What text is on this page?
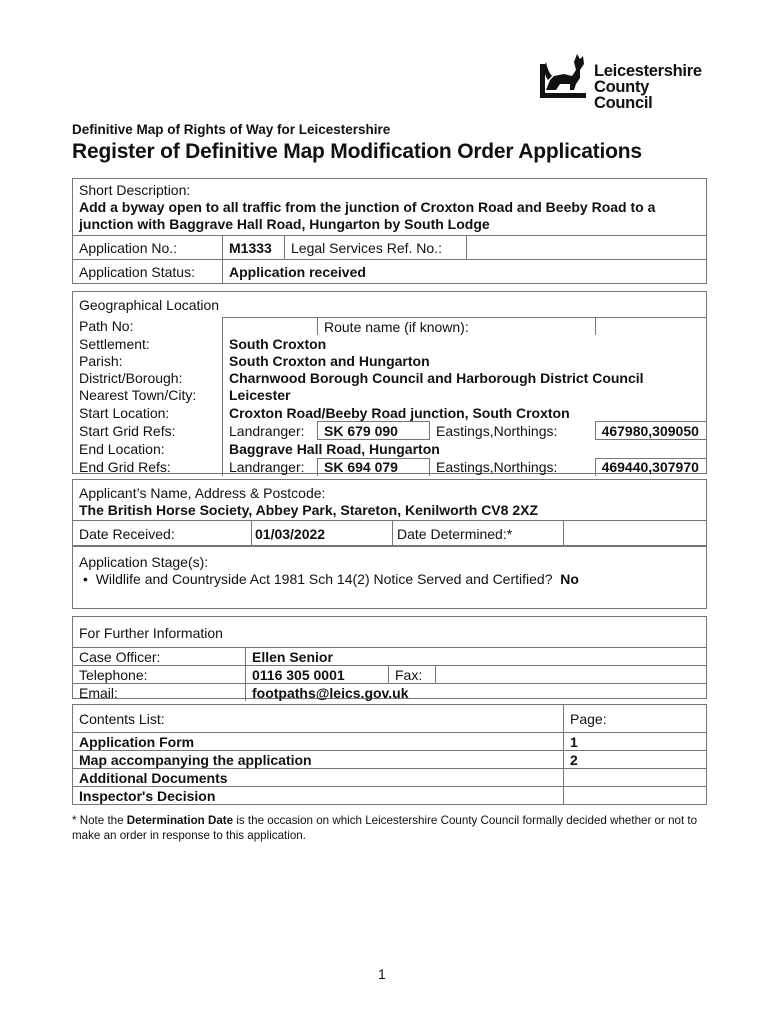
Leicestershire
County Council
Definitive Map of Rights of Way for Leicestershire
Register of Definitive Map Modification Order Applications
Short Description:
Add a byway open to all traffic from the junction of Croxton Road and Beeby Road to a junction with Baggrave Hall Road, Hungarton by South Lodge			

Application No.:	M1333	Legal Services Ref. No.:	
Application Status:	Application received		
Geographical Location
Path No:		Route name (if known):		
Settlement:	South Croxton			
Parish:	South Croxton and Hungarton			
District/Borough:	Charnwood Borough Council and Harborough District Council			
Nearest Town/City:	Leicester			
Start Location:	Croxton Road/Beeby Road junction, South Croxton			
Start Grid Refs:	Landranger:	SK 679 090	Eastings,Northings:	467980,309050
End Location:	Baggrave Hall Road, Hungarton			
End Grid Refs:	Landranger:	SK 694 079	Eastings,Northings:	469440,307970
Applicant’s Name, Address & Postcode:
The British Horse Society, Abbey Park, Stareton, Kenilworth CV8 2XZ
Date Received:	01/03/2022	Date Determined:*
Application Stage(s):
• Wildlife and Countryside Act 1981 Sch 14(2) Notice Served and Certified? No
For Further Information
Case Officer:	Ellen Senior		
Telephone:	0116 305 0001	Fax:	
Email:	footpaths@leics.gov.uk		
Contents List:	Page:
Application Form	1
Map accompanying the application	2
Additional Documents	
Inspector's Decision	
* Note the Determination Date is the occasion on which Leicestershire County Council formally decided whether or not to make an order in response to this application.
1
